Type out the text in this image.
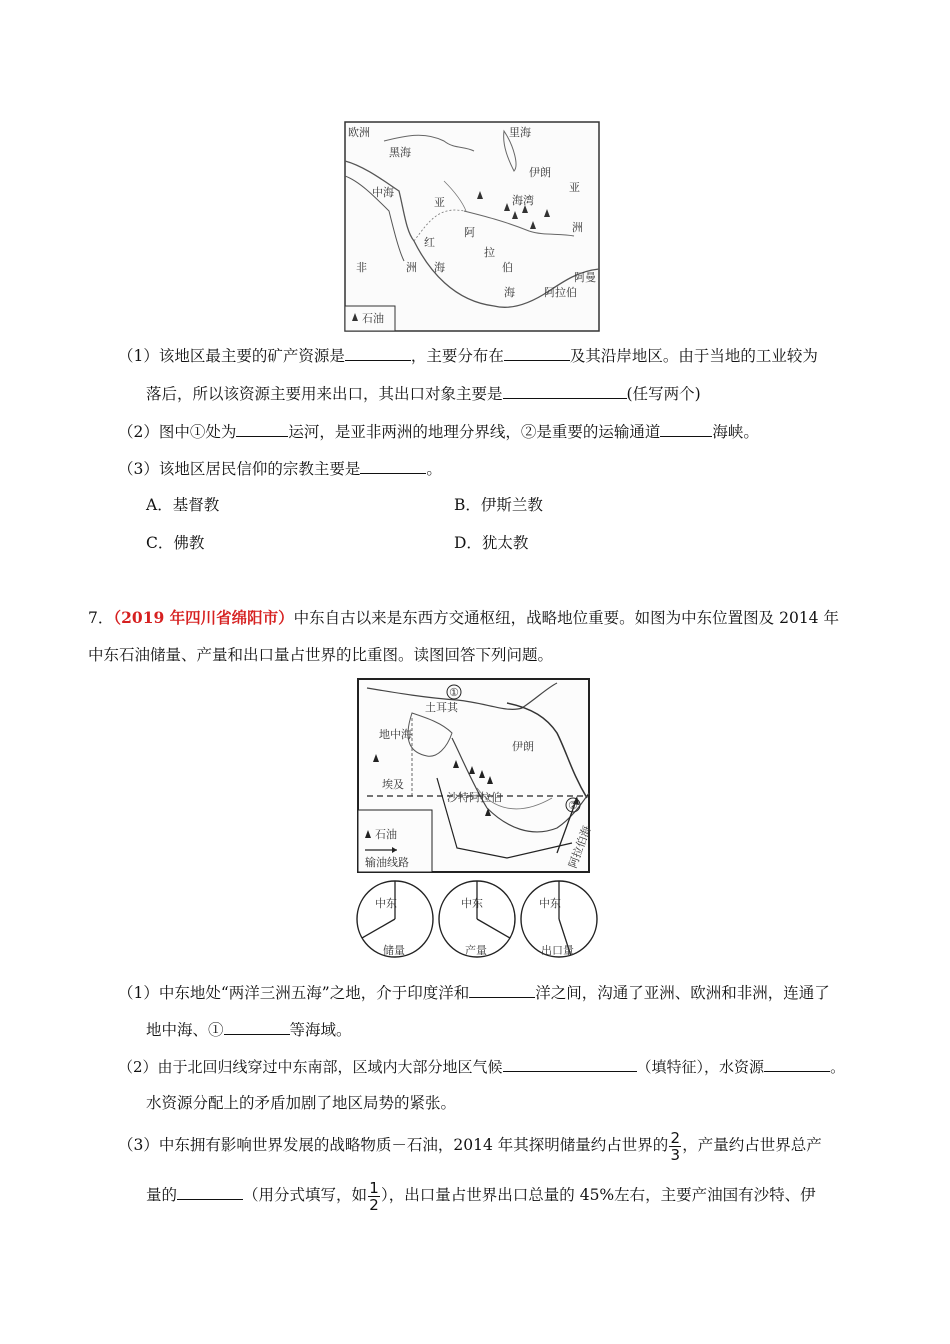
欧洲
黑海
里海
中海
亚
红
海
非	洲
阿
拉
伯
亚
洲
阿拉伯
海
阿曼
海湾
伊朗
石油
（1）该地区最主要的矿产资源是	，主要分布在	及其沿岸地区。由于当地的工业较为
落后，所以该资源主要用来出口，其出口对象主要是	(任写两个)
（2）图中①处为	运河，是亚非两洲的地理分界线，②是重要的运输通道	海峡。
（3）该地区居民信仰的宗教主要是	。
A．基督教	B．伊斯兰教
C．佛教	D．犹太教
7．（2019 年四川省绵阳市）中东自古以来是东西方交通枢纽，战略地位重要。如图为中东位置图及 2014 年
中东石油储量、产量和出口量占世界的比重图。读图回答下列问题。
①
②
土耳其
地中海
伊朗
埃及
沙特阿拉伯
阿拉伯海
石油
输油线路
中东
储量
中东
产量
中东
出口量
（1）中东地处“两洋三洲五海”之地，介于印度洋和	洋之间，沟通了亚洲、欧洲和非洲，连通了
地中海、①	等海域。
（2）由于北回归线穿过中东南部，区域内大部分地区气候	（填特征），水资源	。
水资源分配上的矛盾加剧了地区局势的紧张。
（3）中东拥有影响世界发展的战略物质－石油，2014 年其探明储量约占世界的 $\frac{2}{3}$ ，产量约占世界总产
量的	（用分式填写，如 $\frac{1}{2}$ ），出口量占世界出口总量的 45%左右，主要产油国有沙特、伊
